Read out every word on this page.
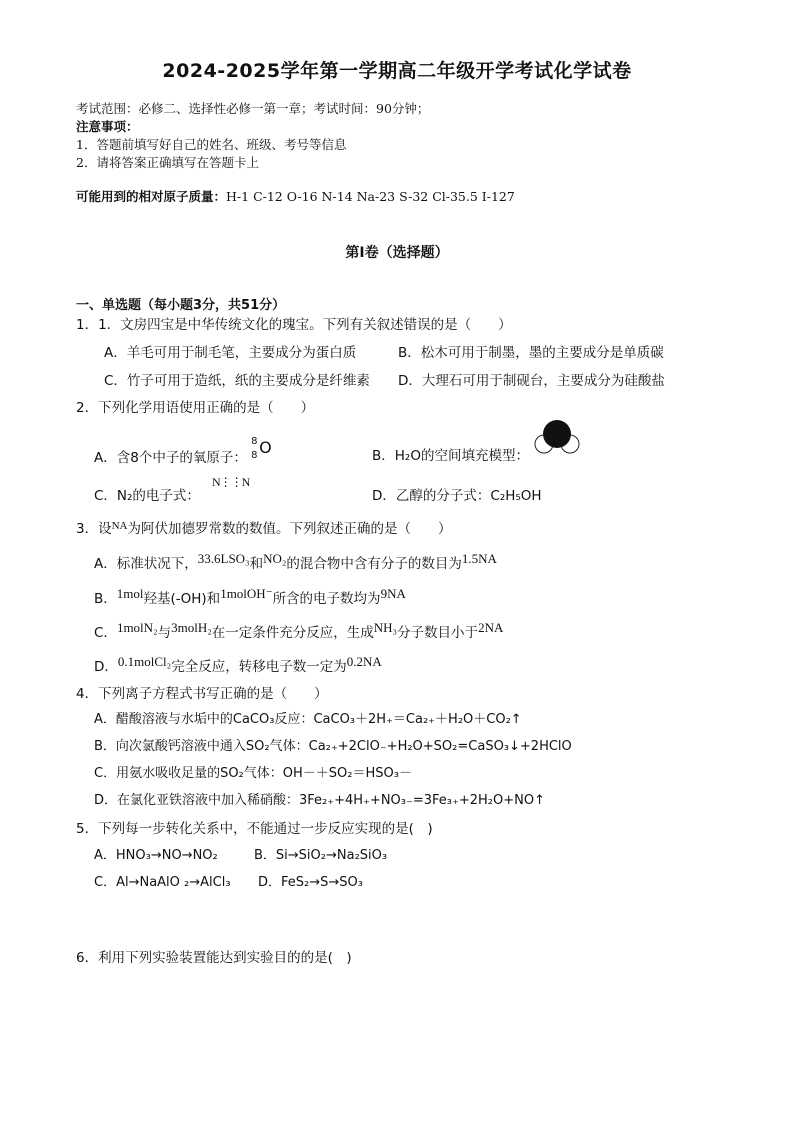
2024-2025学年第一学期高二年级开学考试化学试卷
考试范围：必修二、选择性必修一第一章；考试时间：90分钟；
注意事项：
1．答题前填写好自己的姓名、班级、考号等信息
2．请将答案正确填写在答题卡上
可能用到的相对原子质量：H-1 C-12 O-16 N-14 Na-23 S-32 Cl-35.5 I-127
第Ⅰ卷（选择题）
一、单选题（每小题3分，共51分）
1．1．文房四宝是中华传统文化的瑰宝。下列有关叙述错误的是（　　）
A．羊毛可用于制毛笔，主要成分为蛋白质	B．松木可用于制墨，墨的主要成分是单质碳
C．竹子可用于造纸，纸的主要成分是纤维素 D．大理石可用于制砚台，主要成分为硅酸盐
2．下列化学用语使用正确的是（　　）
A．含8个中子的氧原子：
8
8 O	B．H₂O的空间填充模型：
C．N₂的电子式：
N⋮⋮N
D．乙醇的分子式：C₂H₅OH
3．设$^{NA}$为阿伏加德罗常数的数值。下列叙述正确的是（　　）
A．标准状况下，33.6LSO₃和NO₂的混合物中含有分子的数目为1.5NA
B．1mol羟基(-OH)和1molOH⁻所含的电子数均为9NA
C．1molN₂与3molH₂在一定条件充分反应，生成NH₃分子数目小于2NA
D．0.1molCl₂完全反应，转移电子数一定为0.2NA
4．下列离子方程式书写正确的是（　　）
A．醋酸溶液与水垢中的CaCO₃反应：CaCO₃＋2H₊＝Ca₂₊＋H₂O＋CO₂↑
B．向次氯酸钙溶液中通入SO₂气体：Ca₂₊+2ClO₋+H₂O+SO₂=CaSO₃↓+2HClO
C．用氨水吸收足量的SO₂气体：OH－＋SO₂＝HSO₃－
D．在氯化亚铁溶液中加入稀硝酸：3Fe₂₊+4H₊+NO₃₋=3Fe₃₊+2H₂O+NO↑
5．下列每一步转化关系中，不能通过一步反应实现的是(　)
A．HNO₃→NO→NO₂	B．Si→SiO₂→Na₂SiO₃
C．Al→NaAlO ₂→AlCl₃ D．FeS₂→S→SO₃
6．利用下列实验装置能达到实验目的的是(　)
